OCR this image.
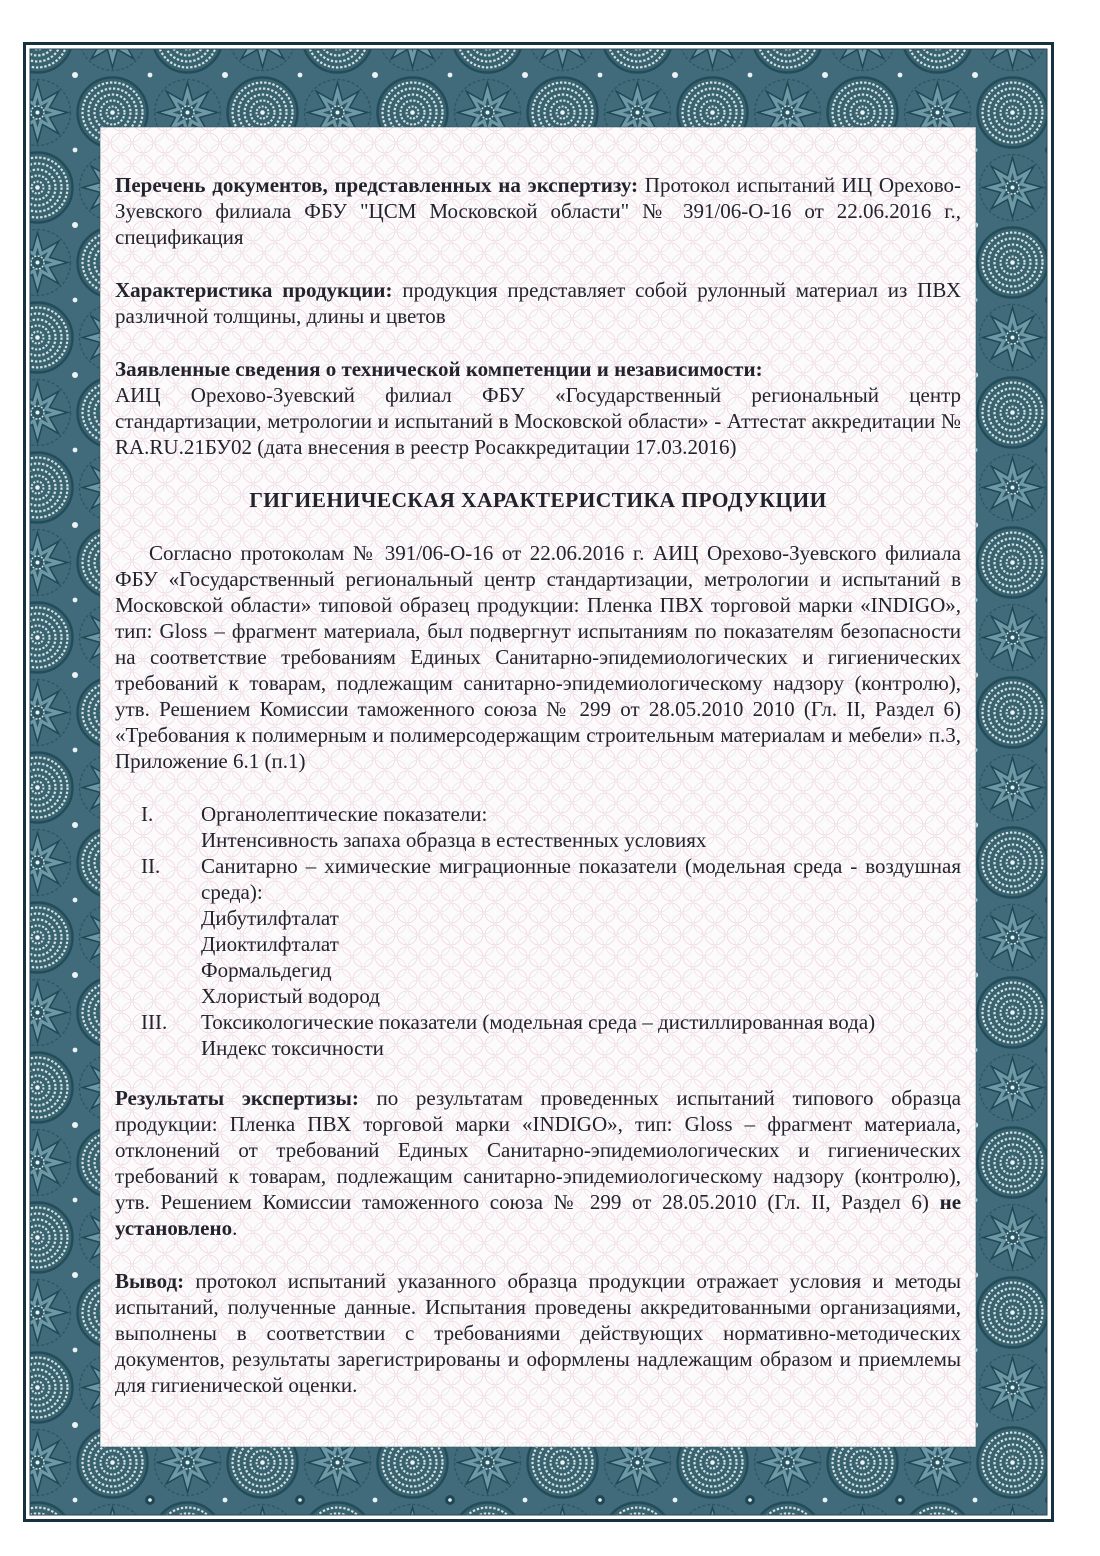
Перечень документов, представленных на экспертизу: Протокол испытаний ИЦ Орехово-Зуевского филиала ФБУ "ЦСМ Московской области" № 391/06-О-16 от 22.06.2016 г., спецификация

Характеристика продукции: продукция представляет собой рулонный материал из ПВХ различной толщины, длины и цветов

Заявленные сведения о технической компетенции и независимости:
АИЦ Орехово-Зуевский филиал ФБУ «Государственный региональный центр стандартизации, метрологии и испытаний в Московской области» - Аттестат аккредитации № RA.RU.21БУ02 (дата внесения в реестр Росаккредитации 17.03.2016)

ГИГИЕНИЧЕСКАЯ ХАРАКТЕРИСТИКА ПРОДУКЦИИ

Согласно протоколам № 391/06-О-16 от 22.06.2016 г. АИЦ Орехово-Зуевского филиала ФБУ «Государственный региональный центр стандартизации, метрологии и испытаний в Московской области» типовой образец продукции: Пленка ПВХ торговой марки «INDIGO», тип: Gloss – фрагмент материала, был подвергнут испытаниям по показателям безопасности на соответствие требованиям Единых Санитарно-эпидемиологических и гигиенических требований к товарам, подлежащим санитарно-эпидемиологическому надзору (контролю), утв. Решением Комиссии таможенного союза № 299 от 28.05.2010 2010 (Гл. II, Раздел 6) «Требования к полимерным и полимерсодержащим строительным материалам и мебели» п.3, Приложение 6.1 (п.1)

I.	Органолептические показатели:
Интенсивность запаха образца в естественных условиях
II.	Санитарно – химические миграционные показатели (модельная среда - воздушная среда):
Дибутилфталат
Диоктилфталат
Формальдегид
Хлористый водород
III.	Токсикологические показатели (модельная среда – дистиллированная вода)
Индекс токсичности

Результаты экспертизы: по результатам проведенных испытаний типового образца продукции: Пленка ПВХ торговой марки «INDIGO», тип: Gloss – фрагмент материала, отклонений от требований Единых Санитарно-эпидемиологических и гигиенических требований к товарам, подлежащим санитарно-эпидемиологическому надзору (контролю), утв. Решением Комиссии таможенного союза № 299 от 28.05.2010 (Гл. II, Раздел 6) не установлено.

Вывод: протокол испытаний указанного образца продукции отражает условия и методы испытаний, полученные данные. Испытания проведены аккредитованными организациями, выполнены в соответствии с требованиями действующих нормативно-методических документов, результаты зарегистрированы и оформлены надлежащим образом и приемлемы для гигиенической оценки.
